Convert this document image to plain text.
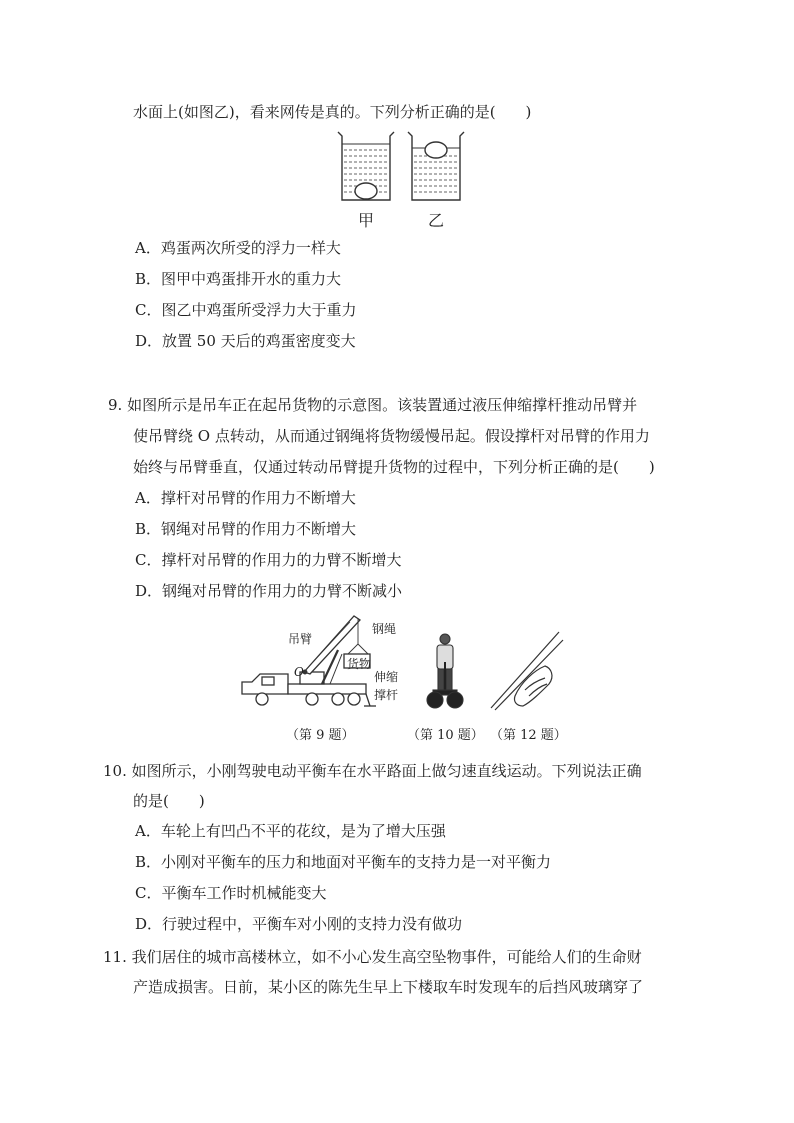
水面上(如图乙)，看来网传是真的。下列分析正确的是(　　)
甲	乙
A．鸡蛋两次所受的浮力一样大
B．图甲中鸡蛋排开水的重力大
C．图乙中鸡蛋所受浮力大于重力
D．放置 50 天后的鸡蛋密度变大
9. 如图所示是吊车正在起吊货物的示意图。该装置通过液压伸缩撑杆推动吊臂并
使吊臂绕 O 点转动，从而通过钢绳将货物缓慢吊起。假设撑杆对吊臂的作用力
始终与吊臂垂直，仅通过转动吊臂提升货物的过程中，下列分析正确的是(　　)
A．撑杆对吊臂的作用力不断增大
B．钢绳对吊臂的作用力不断增大
C．撑杆对吊臂的作用力的力臂不断增大
D．钢绳对吊臂的作用力的力臂不断减小
吊臂
钢绳
货物
O	伸缩
撑杆
（第 9 题）	（第 10 题） （第 12 题）
10. 如图所示，小刚驾驶电动平衡车在水平路面上做匀速直线运动。下列说法正确
的是(　　)
A．车轮上有凹凸不平的花纹，是为了增大压强
B．小刚对平衡车的压力和地面对平衡车的支持力是一对平衡力
C．平衡车工作时机械能变大
D．行驶过程中，平衡车对小刚的支持力没有做功
11. 我们居住的城市高楼林立，如不小心发生高空坠物事件，可能给人们的生命财
产造成损害。日前，某小区的陈先生早上下楼取车时发现车的后挡风玻璃穿了
